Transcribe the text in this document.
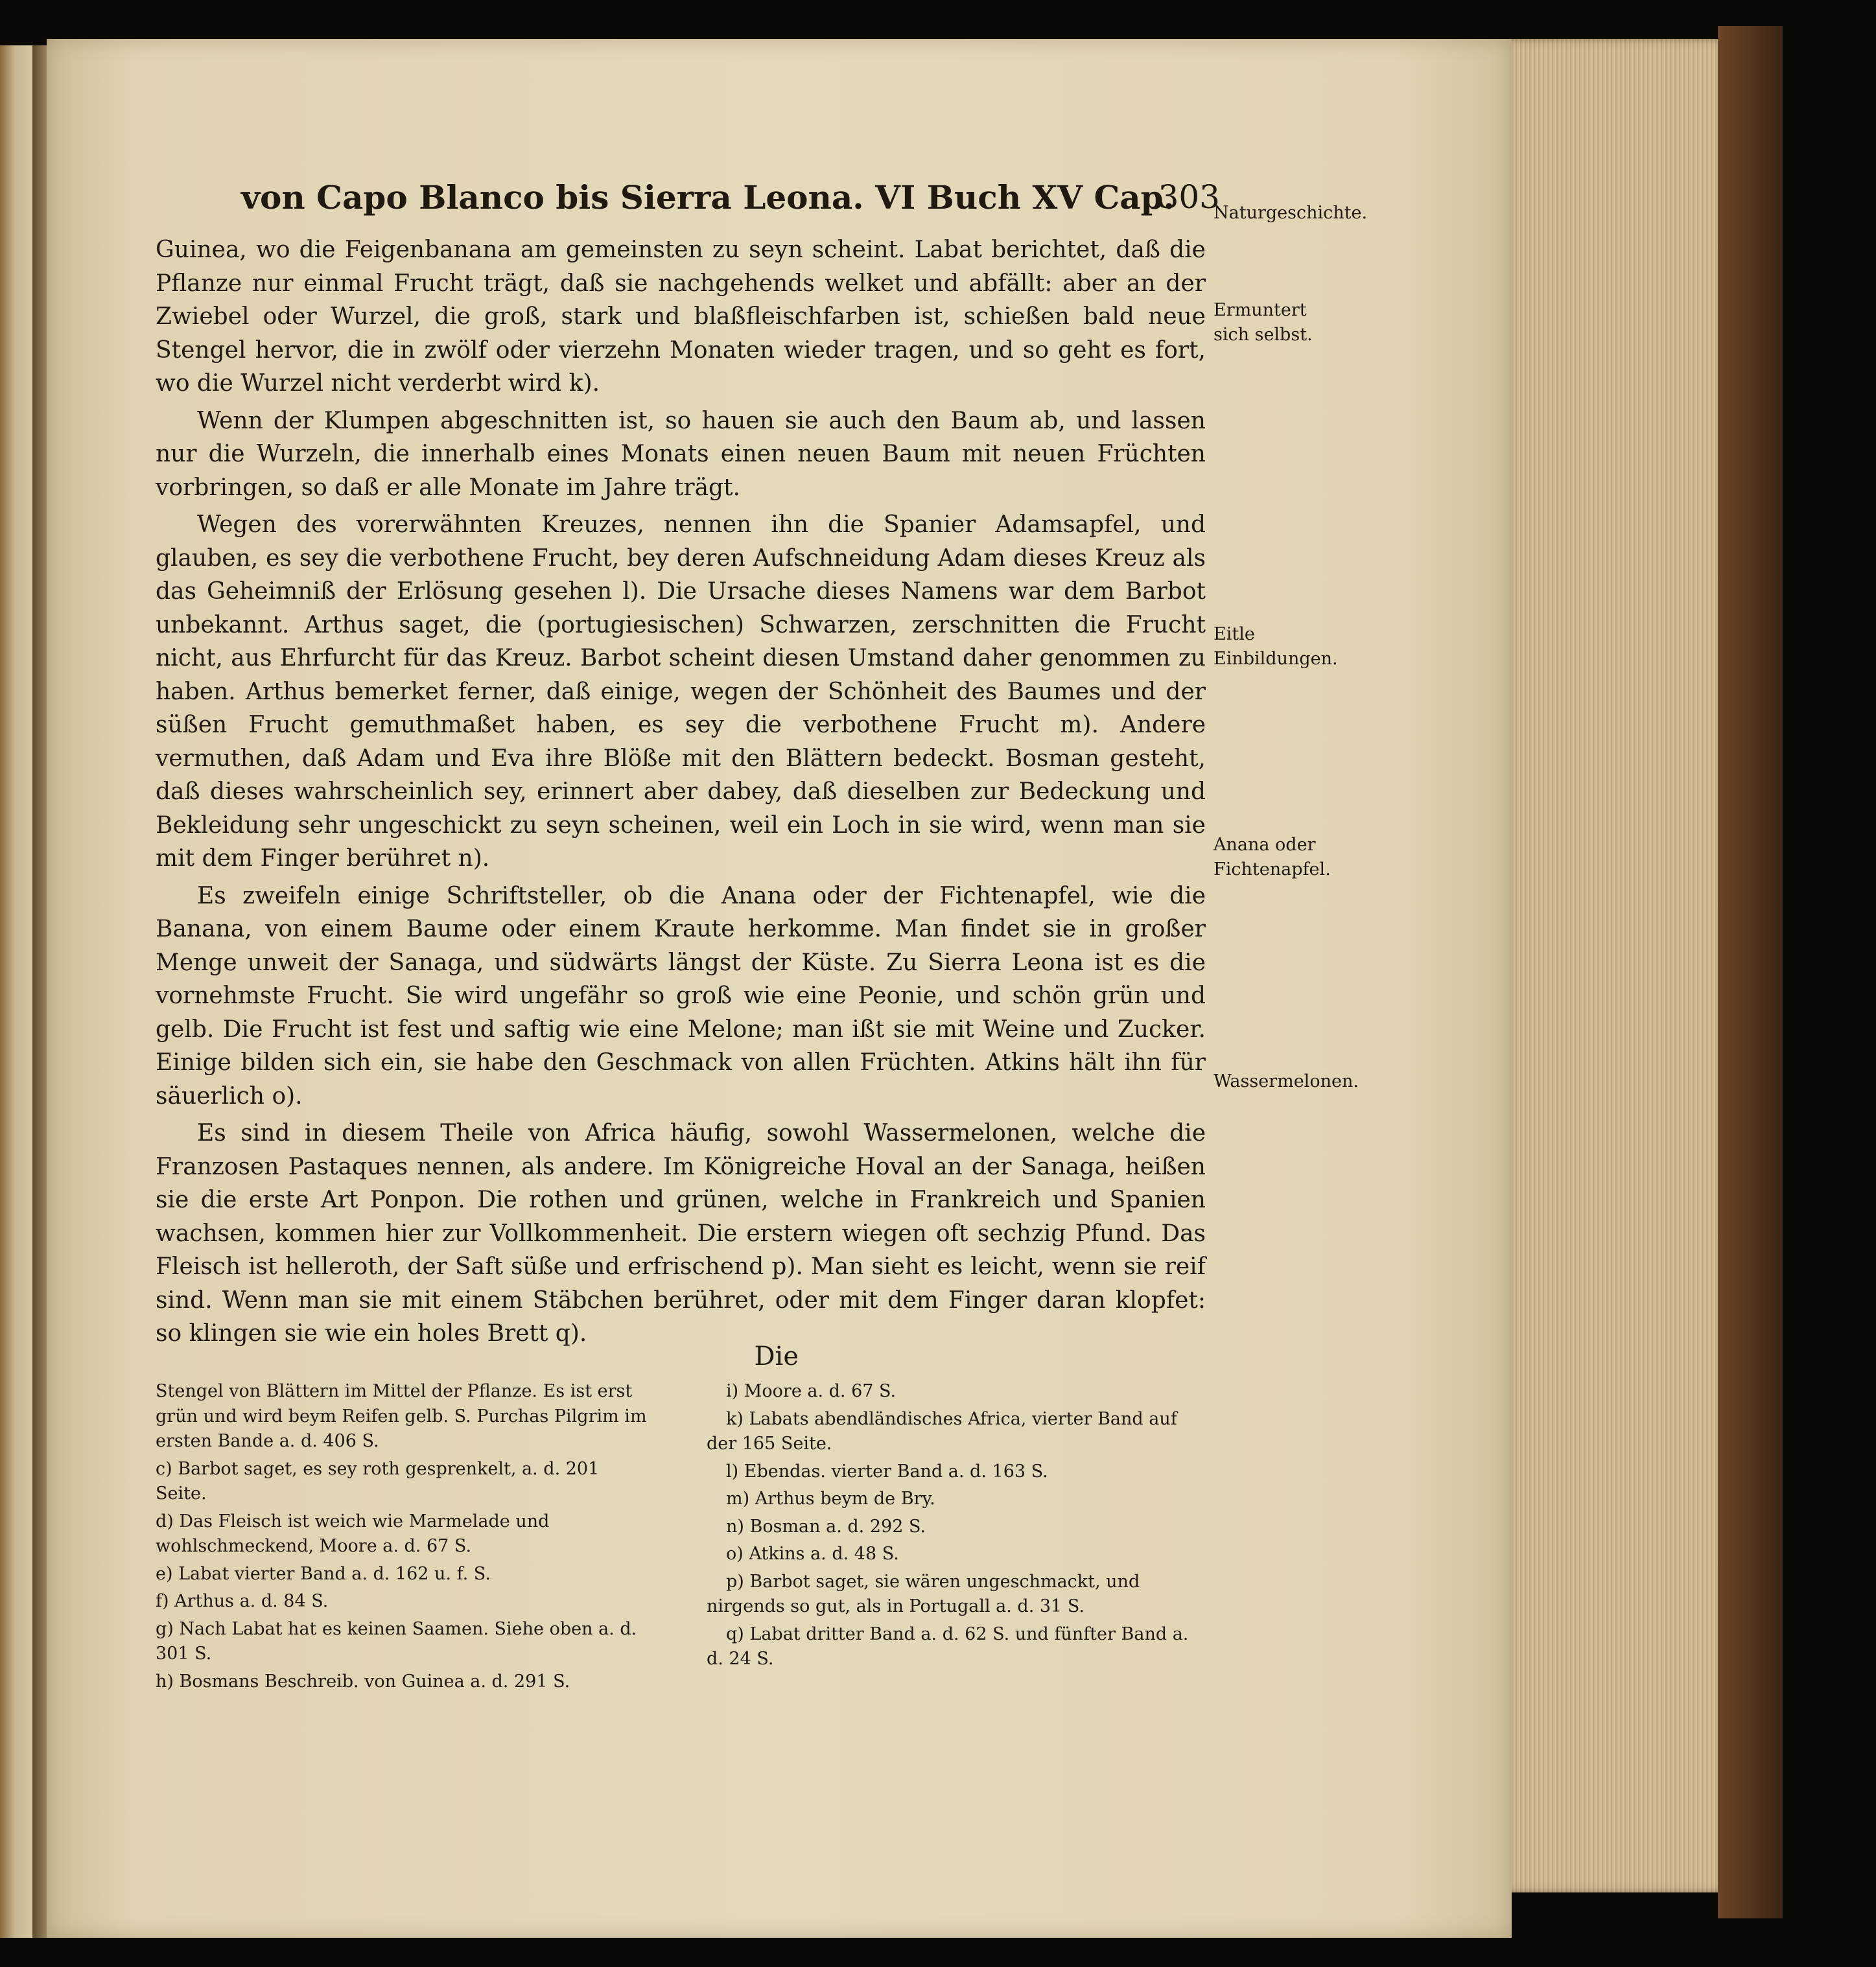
von Capo Blanco bis Sierra Leona. VI Buch XV Cap.
303

Guinea, wo die Feigenbanana am gemeinsten zu seyn scheint. Labat berichtet, daß die Pflanze nur einmal Frucht trägt, daß sie nachgehends welket und abfällt: aber an der Zwiebel oder Wurzel, die groß, stark und blaßfleischfarben ist, schießen bald neue Stengel hervor, die in zwölf oder vierzehn Monaten wieder tragen, und so geht es fort, wo die Wurzel nicht verderbt wird k).

Wenn der Klumpen abgeschnitten ist, so hauen sie auch den Baum ab, und lassen nur die Wurzeln, die innerhalb eines Monats einen neuen Baum mit neuen Früchten vorbringen, so daß er alle Monate im Jahre trägt.

Wegen des vorerwähnten Kreuzes, nennen ihn die Spanier Adamsapfel, und glauben, es sey die verbothene Frucht, bey deren Aufschneidung Adam dieses Kreuz als das Geheimniß der Erlösung gesehen l). Die Ursache dieses Namens war dem Barbot unbekannt. Arthus saget, die (portugiesischen) Schwarzen, zerschnitten die Frucht nicht, aus Ehrfurcht für das Kreuz. Barbot scheint diesen Umstand daher genommen zu haben. Arthus bemerket ferner, daß einige, wegen der Schönheit des Baumes und der süßen Frucht gemuthmaßet haben, es sey die verbothene Frucht m). Andere vermuthen, daß Adam und Eva ihre Blöße mit den Blättern bedeckt. Bosman gesteht, daß dieses wahrscheinlich sey, erinnert aber dabey, daß dieselben zur Bedeckung und Bekleidung sehr ungeschickt zu seyn scheinen, weil ein Loch in sie wird, wenn man sie mit dem Finger berühret n).

Es zweifeln einige Schriftsteller, ob die Anana oder der Fichtenapfel, wie die Banana, von einem Baume oder einem Kraute herkomme. Man findet sie in großer Menge unweit der Sanaga, und südwärts längst der Küste. Zu Sierra Leona ist es die vornehmste Frucht. Sie wird ungefähr so groß wie eine Peonie, und schön grün und gelb. Die Frucht ist fest und saftig wie eine Melone; man ißt sie mit Weine und Zucker. Einige bilden sich ein, sie habe den Geschmack von allen Früchten. Atkins hält ihn für säuerlich o).

Es sind in diesem Theile von Africa häufig, sowohl Wassermelonen, welche die Franzosen Pastaques nennen, als andere. Im Königreiche Hoval an der Sanaga, heißen sie die erste Art Ponpon. Die rothen und grünen, welche in Frankreich und Spanien wachsen, kommen hier zur Vollkommenheit. Die erstern wiegen oft sechzig Pfund. Das Fleisch ist helleroth, der Saft süße und erfrischend p). Man sieht es leicht, wenn sie reif sind. Wenn man sie mit einem Stäbchen berühret, oder mit dem Finger daran klopfet: so klingen sie wie ein holes Brett q).

Naturgeschichte.
Ermuntert sich selbst.
Eitle Einbildungen.
Anana oder Fichtenapfel.
Wassermelonen.
Die

Stengel von Blättern im Mittel der Pflanze. Es ist erst grün und wird beym Reifen gelb. S. Purchas Pilgrim im ersten Bande a. d. 406 S.

c) Barbot saget, es sey roth gesprenkelt, a. d. 201 Seite.

d) Das Fleisch ist weich wie Marmelade und wohlschmeckend, Moore a. d. 67 S.

e) Labat vierter Band a. d. 162 u. f. S.

f) Arthus a. d. 84 S.

g) Nach Labat hat es keinen Saamen. Siehe oben a. d. 301 S.

h) Bosmans Beschreib. von Guinea a. d. 291 S.

i) Moore a. d. 67 S.

k) Labats abendländisches Africa, vierter Band auf der 165 Seite.

l) Ebendas. vierter Band a. d. 163 S.

m) Arthus beym de Bry.

n) Bosman a. d. 292 S.

o) Atkins a. d. 48 S.

p) Barbot saget, sie wären ungeschmackt, und nirgends so gut, als in Portugall a. d. 31 S.

q) Labat dritter Band a. d. 62 S. und fünfter Band a. d. 24 S.
